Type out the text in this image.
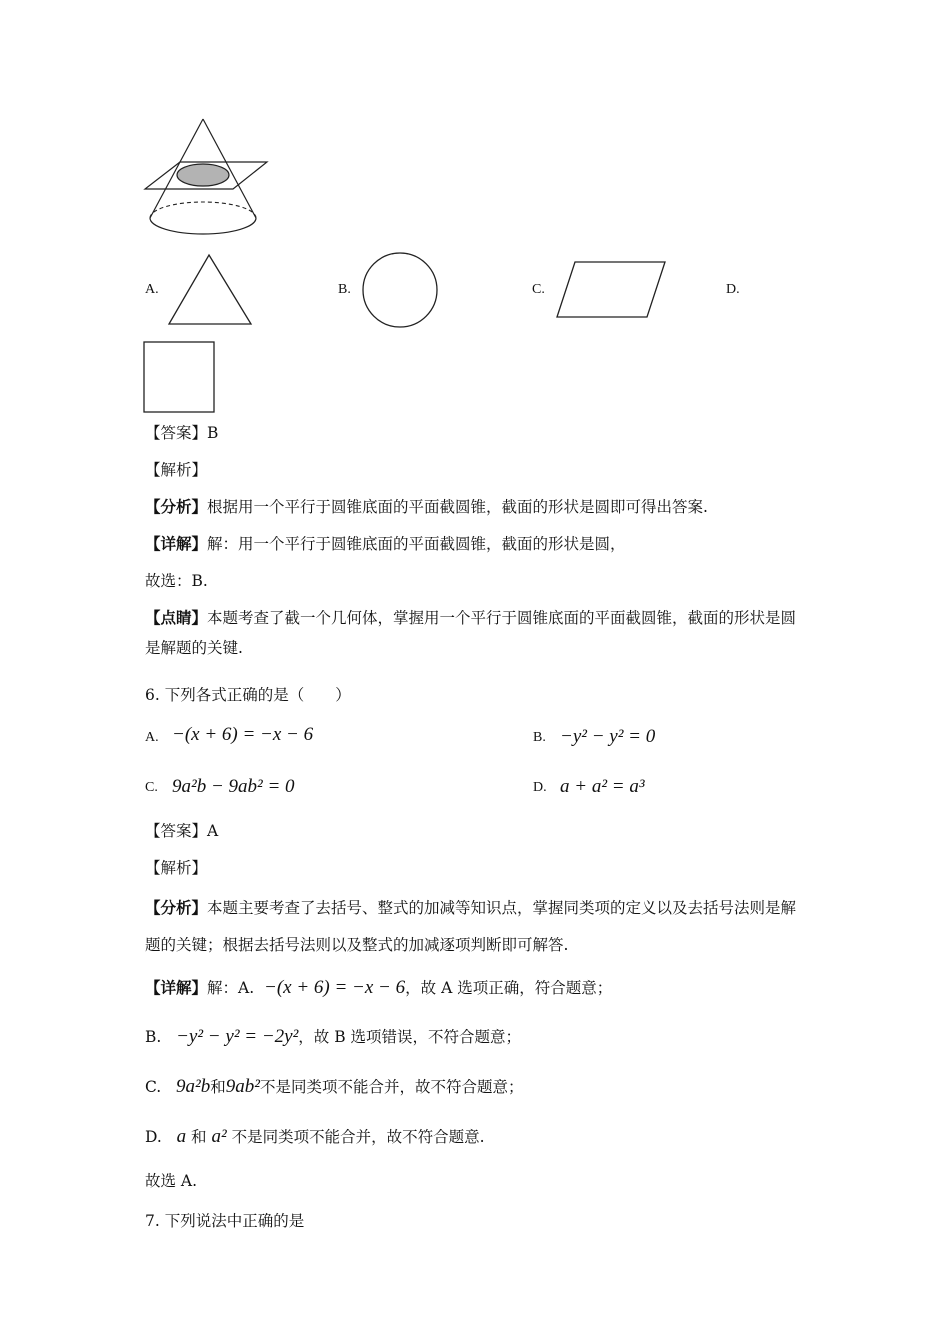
A.	B.	C.	D.
【答案】B
【解析】
【分析】根据用一个平行于圆锥底面的平面截圆锥，截面的形状是圆即可得出答案.
【详解】解：用一个平行于圆锥底面的平面截圆锥，截面的形状是圆，
故选：B.
【点睛】本题考查了截一个几何体，掌握用一个平行于圆锥底面的平面截圆锥，截面的形状是圆是解题的关键.
6. 下列各式正确的是（　　）
A. −(x + 6) = −x − 6	B. −y² − y² = 0
C. 9a²b − 9ab² = 0	D. a + a² = a³
【答案】A
【解析】
【分析】本题主要考查了去括号、整式的加减等知识点，掌握同类项的定义以及去括号法则是解题的关键；根据去括号法则以及整式的加减逐项判断即可解答.
【详解】解：A. −(x + 6) = −x − 6，故 A 选项正确，符合题意；
B. −y² − y² = −2y²，故 B 选项错误，不符合题意；
C. 9a²b和9ab²不是同类项不能合并，故不符合题意；
D. a 和 a² 不是同类项不能合并，故不符合题意.
故选 A.
7. 下列说法中正确的是
